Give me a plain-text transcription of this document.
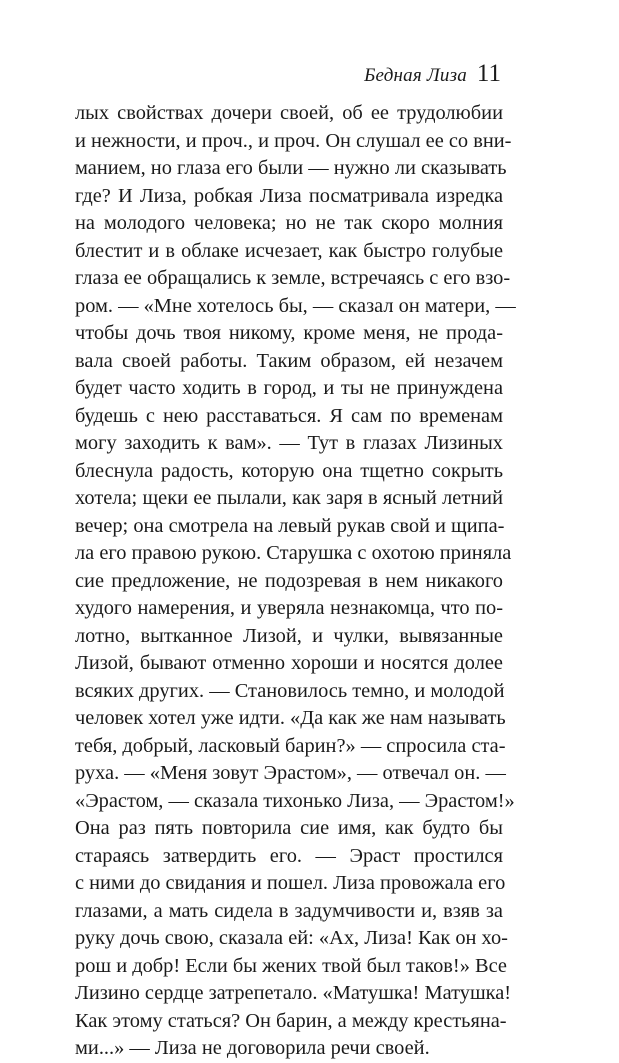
Бедная Лиза 11
лых свойствах дочери своей, об ее трудолюбии
и нежности, и проч., и проч. Он слушал ее со вни-
манием, но глаза его были — нужно ли сказывать
где? И Лиза, робкая Лиза посматривала изредка
на молодого человека; но не так скоро молния
блестит и в облаке исчезает, как быстро голубые
глаза ее обращались к земле, встречаясь с его взо-
ром. — «Мне хотелось бы, — сказал он матери, —
чтобы дочь твоя никому, кроме меня, не прода-
вала своей работы. Таким образом, ей незачем
будет часто ходить в город, и ты не принуждена
будешь с нею расставаться. Я сам по временам
могу заходить к вам». — Тут в глазах Лизиных
блеснула радость, которую она тщетно сокрыть
хотела; щеки ее пылали, как заря в ясный летний
вечер; она смотрела на левый рукав свой и щипа-
ла его правою рукою. Старушка с охотою приняла
сие предложение, не подозревая в нем никакого
худого намерения, и уверяла незнакомца, что по-
лотно, вытканное Лизой, и чулки, вывязанные
Лизой, бывают отменно хороши и носятся долее
всяких других. — Становилось темно, и молодой
человек хотел уже идти. «Да как же нам называть
тебя, добрый, ласковый барин?» — спросила ста-
руха. — «Меня зовут Эрастом», — отвечал он. —
«Эрастом, — сказала тихонько Лиза, — Эрастом!»
Она раз пять повторила сие имя, как будто бы
стараясь затвердить его. — Эраст простился
с ними до свидания и пошел. Лиза провожала его
глазами, а мать сидела в задумчивости и, взяв за
руку дочь свою, сказала ей: «Ах, Лиза! Как он хо-
рош и добр! Если бы жених твой был таков!» Все
Лизино сердце затрепетало. «Матушка! Матушка!
Как этому статься? Он барин, а между крестьяна-
ми...» — Лиза не договорила речи своей.
